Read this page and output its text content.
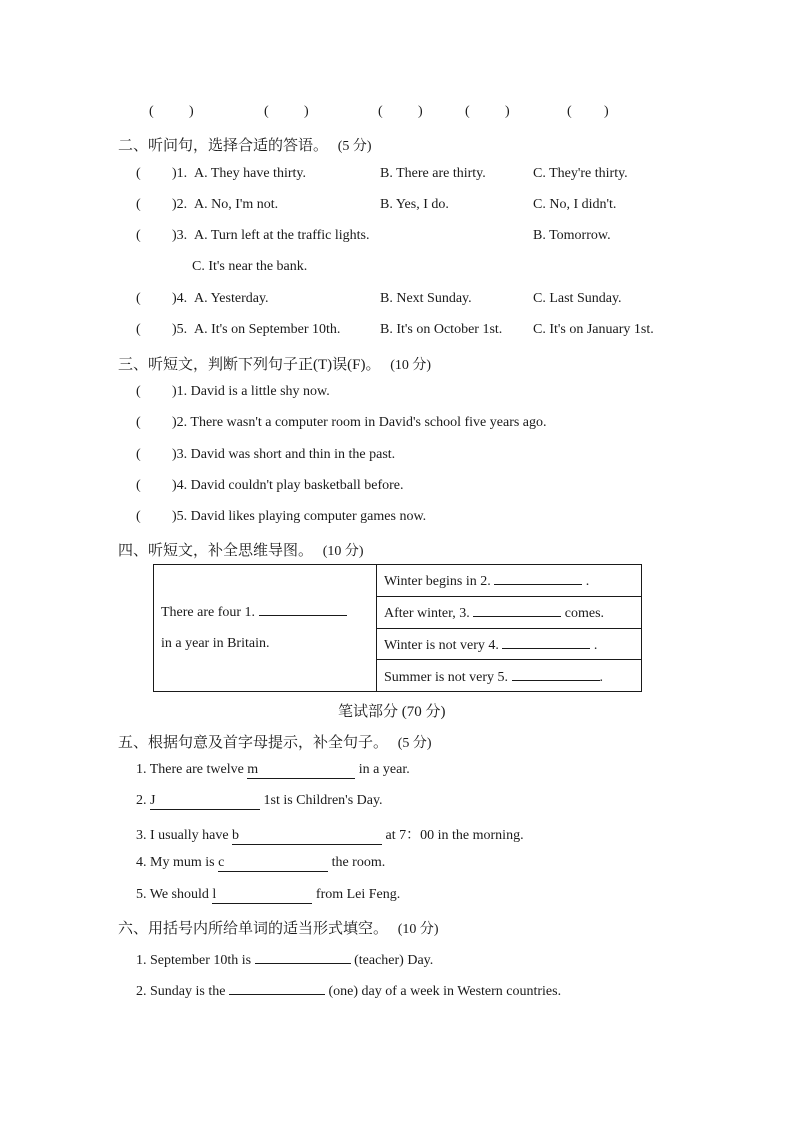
(	)	(	)	(	)	(	)	( )
二、听问句，选择合适的答语。 (5 分)
( )1. A. They have thirty.	B. There are thirty.	C. They're thirty.
( )2. A. No, I'm not.	B. Yes, I do.	C. No, I didn't.
( )3. A. Turn left at the traffic lights.	B. Tomorrow.
C. It's near the bank.
( )4. A. Yesterday.	B. Next Sunday.	C. Last Sunday.
( )5. A. It's on September 10th.	B. It's on October 1st. C. It's on January 1st.
三、听短文，判断下列句子正(T)误(F)。 (10 分)
( )1. David is a little shy now.
( )2. There wasn't a computer room in David's school five years ago.
( )3. David was short and thin in the past.
( )4. David couldn't play basketball before.
( )5. David likes playing computer games now.
四、听短文，补全思维导图。 (10 分)
There are four 1.
in a year in Britain.
	Winter begins in 2.	.
After winter, 3.	comes.
Winter is not very 4.	.
Summer is not very 5.	.
笔试部分 (70 分)
五、根据句意及首字母提示，补全句子。 (5 分)
1. There are twelve m	in a year.
2. J	1st is Children's Day.
3. I usually have b	at 7：00 in the morning.
4. My mum is c	the room.
5. We should l	from Lei Feng.
六、用括号内所给单词的适当形式填空。 (10 分)
1. September 10th is	(teacher) Day.
2. Sunday is the	(one) day of a week in Western countries.
